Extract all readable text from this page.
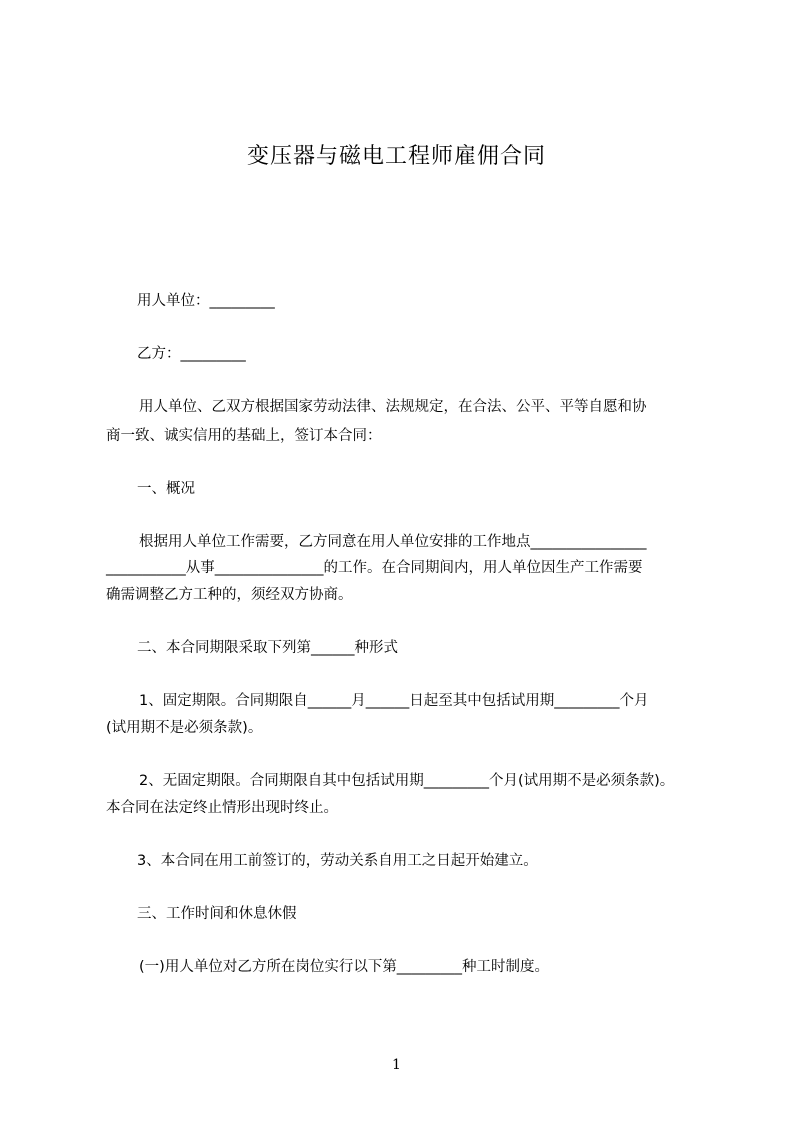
变压器与磁电工程师雇佣合同
用人单位：_________
乙方：_________
用人单位、乙双方根据国家劳动法律、法规规定，在合法、公平、平等自愿和协
商一致、诚实信用的基础上，签订本合同：
一、概况
根据用人单位工作需要，乙方同意在用人单位安排的工作地点________________
___________从事_______________的工作。在合同期间内，用人单位因生产工作需要
确需调整乙方工种的，须经双方协商。
二、本合同期限采取下列第______种形式
1、固定期限。合同期限自______月______日起至其中包括试用期_________个月
(试用期不是必须条款)。
2、无固定期限。合同期限自其中包括试用期_________个月(试用期不是必须条款)。
本合同在法定终止情形出现时终止。
3、本合同在用工前签订的，劳动关系自用工之日起开始建立。
三、工作时间和休息休假
(一)用人单位对乙方所在岗位实行以下第_________种工时制度。
1
